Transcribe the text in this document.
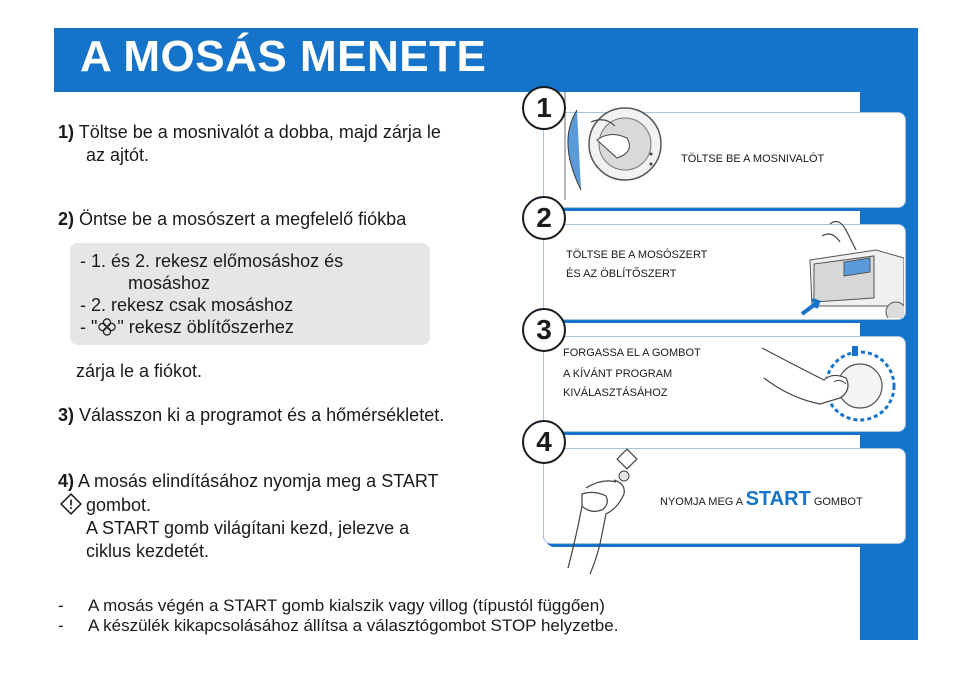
A MOSÁS MENETE
1) Töltse be a mosnivalót a dobba, majd zárja le
az ajtót.
2) Öntse be a mosószert a megfelelő fiókba
- 1. és 2. rekesz előmosáshoz és
mosáshoz
- 2. rekesz csak mosáshoz
- " " rekesz öblítőszerhez
zárja le a fiókot.
3) Válasszon ki a programot és a hőmérsékletet.
4) A mosás elindításához nyomja meg a START
gombot.
A START gomb világítani kezd, jelezve a
ciklus kezdetét.
- A mosás végén a START gomb kialszik vagy villog (típustól függően)
- A készülék kikapcsolásához állítsa a választógombot STOP helyzetbe.
TÖLTSE BE A MOSNIVALÓT
1
TÖLTSE BE A MOSÓSZERT
ÉS AZ ÖBLÍTŐSZERT
2
FORGASSA EL A GOMBOT
A KÍVÁNT PROGRAM
KIVÁLASZTÁSÁHOZ
3
NYOMJA MEG A START GOMBOT
4
